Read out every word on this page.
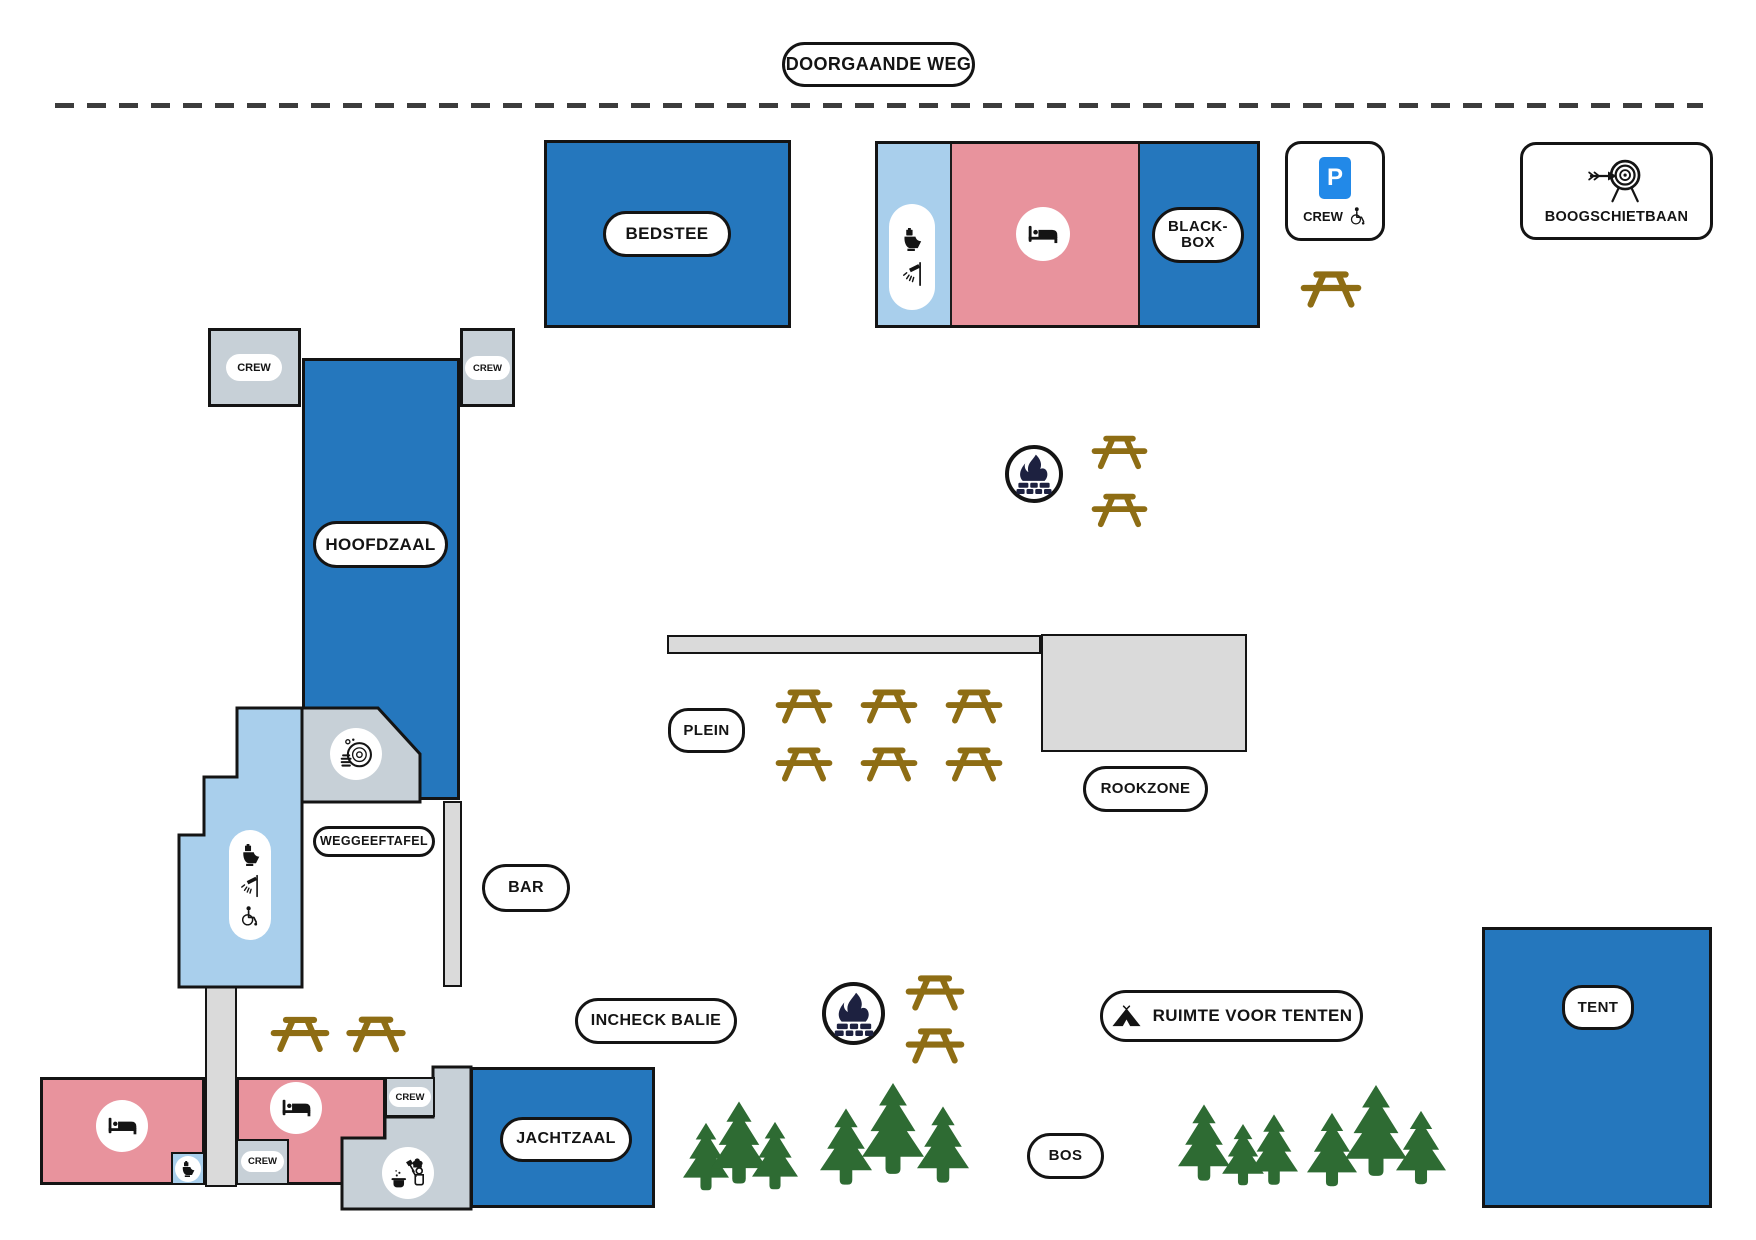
DOORGAANDE WEG
BEDSTEE	BLACK-
BOX
P
CREW	BOOGSCHIETBAAN
CREW	CREW
HOOFDZAAL
WEGGEEFTAFEL
BAR
CREW
CREW
JACHTZAAL
INCHECK BALIE
PLEIN
ROOKZONE
RUIMTE VOOR TENTEN
BOS
TENT
